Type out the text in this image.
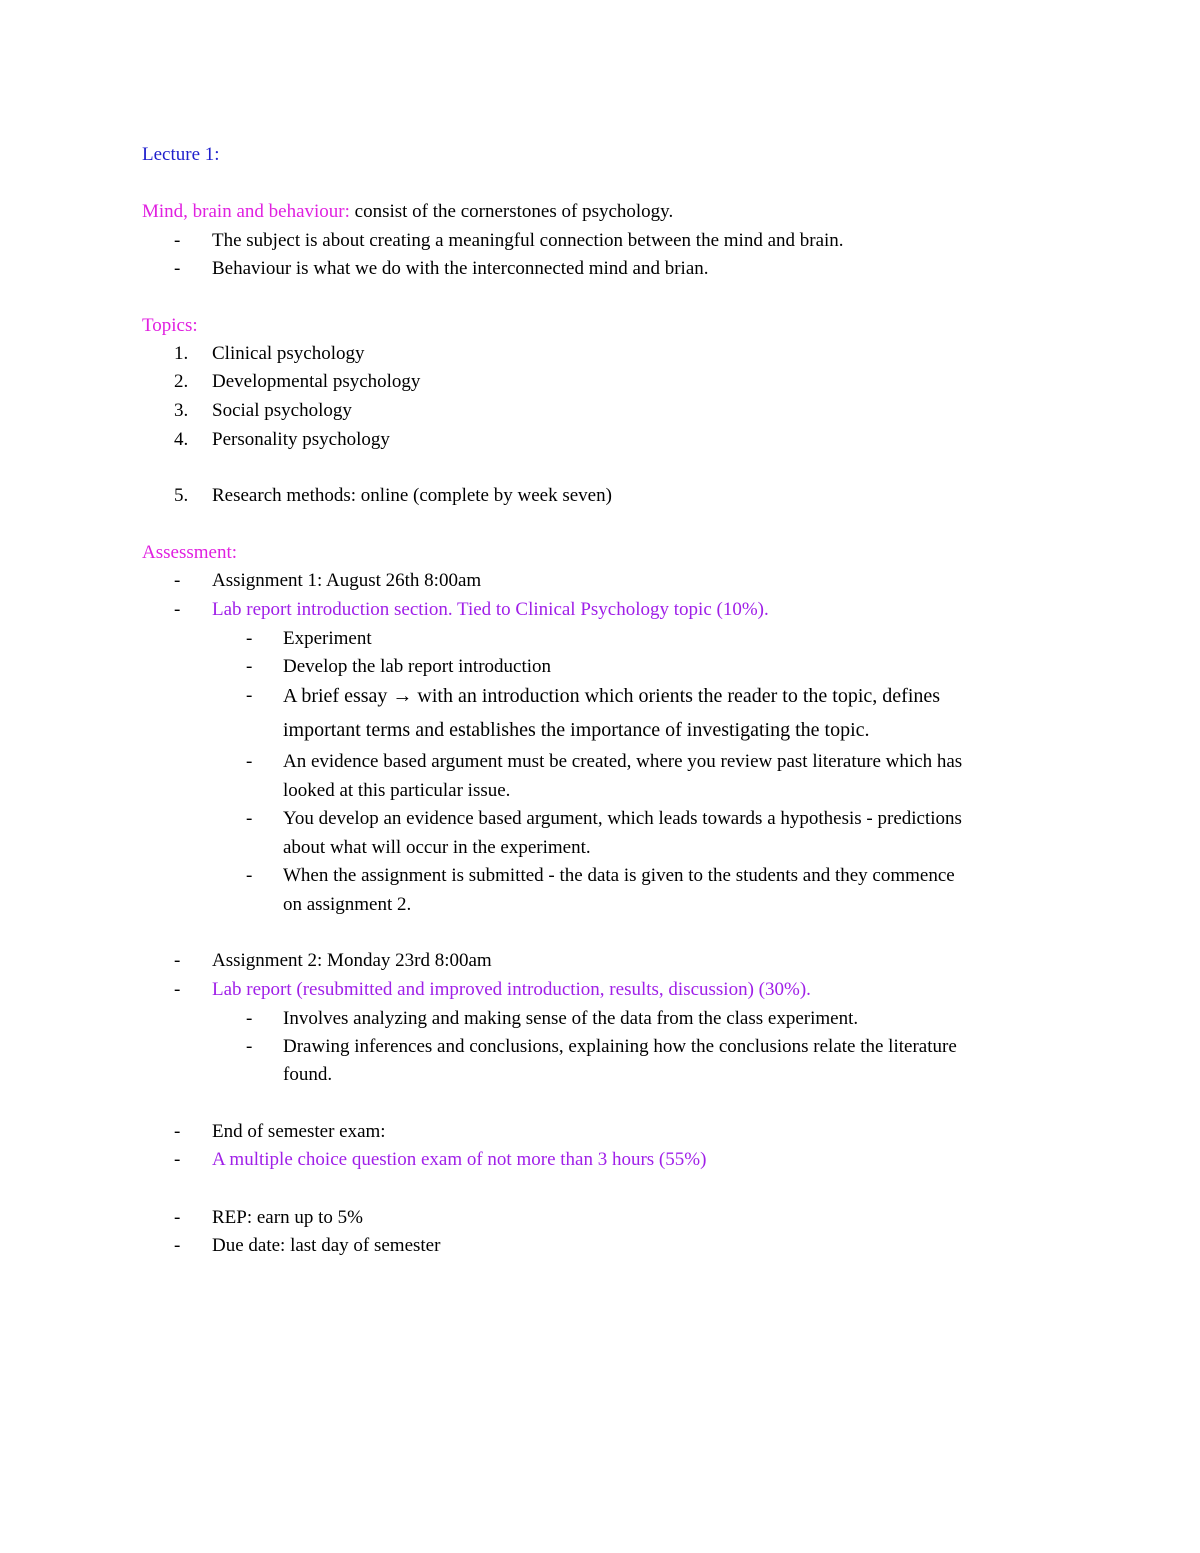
Lecture 1:
Mind, brain and behaviour: consist of the cornerstones of psychology.
- The subject is about creating a meaningful connection between the mind and brain.
- Behaviour is what we do with the interconnected mind and brian.
Topics:
1. Clinical psychology
2. Developmental psychology
3. Social psychology
4. Personality psychology
5. Research methods: online (complete by week seven)
Assessment:
- Assignment 1: August 26th 8:00am
- Lab report introduction section. Tied to Clinical Psychology topic (10%).
- Experiment
- Develop the lab report introduction
- A brief essay → with an introduction which orients the reader to the topic, defines
important terms and establishes the importance of investigating the topic.
- An evidence based argument must be created, where you review past literature which has
looked at this particular issue.
- You develop an evidence based argument, which leads towards a hypothesis - predictions
about what will occur in the experiment.
- When the assignment is submitted - the data is given to the students and they commence
on assignment 2.
- Assignment 2: Monday 23rd 8:00am
- Lab report (resubmitted and improved introduction, results, discussion) (30%).
- Involves analyzing and making sense of the data from the class experiment.
- Drawing inferences and conclusions, explaining how the conclusions relate the literature
found.
- End of semester exam:
- A multiple choice question exam of not more than 3 hours (55%)
- REP: earn up to 5%
- Due date: last day of semester
